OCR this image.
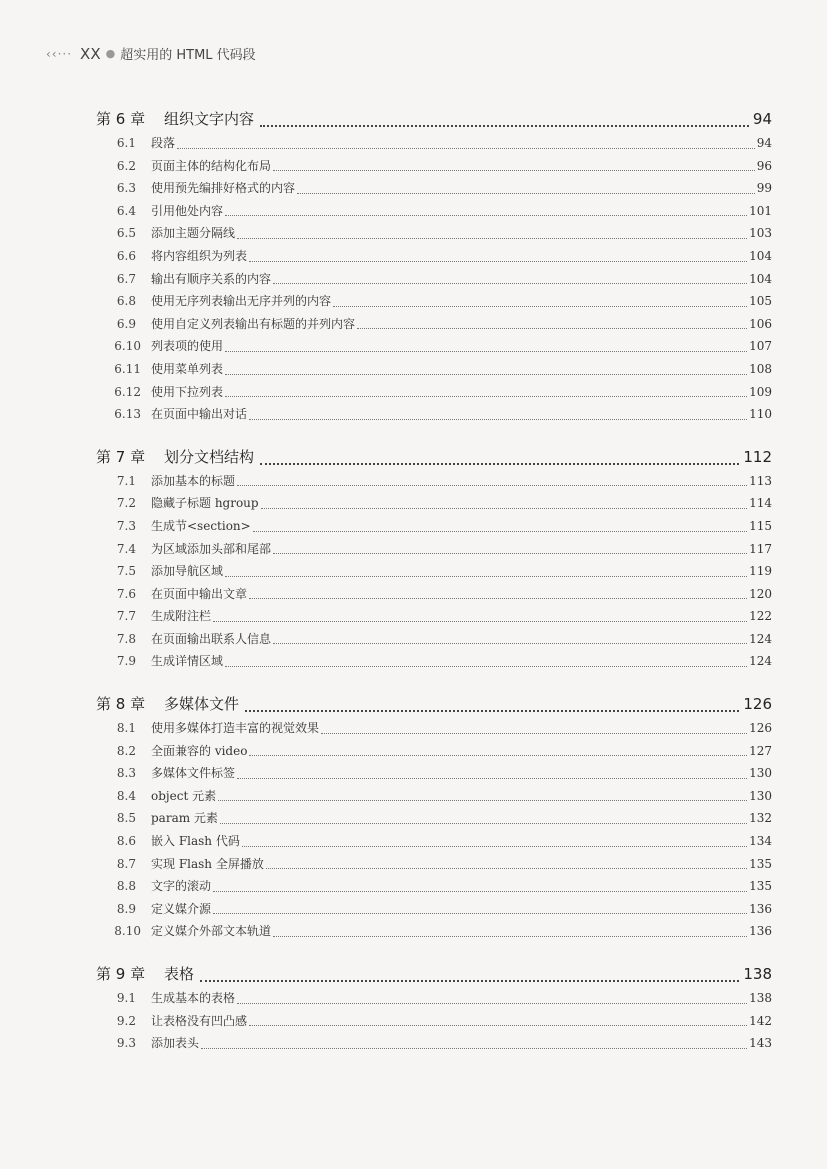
‹‹··· XX ● 超实用的 HTML 代码段
第 6 章	组织文字内容	94
6.1	段落	94
6.2	页面主体的结构化布局	96
6.3	使用预先编排好格式的内容	99
6.4	引用他处内容	101
6.5	添加主题分隔线	103
6.6	将内容组织为列表	104
6.7	输出有顺序关系的内容	104
6.8	使用无序列表输出无序并列的内容	105
6.9	使用自定义列表输出有标题的并列内容	106
6.10 列表项的使用	107
6.11 使用菜单列表	108
6.12 使用下拉列表	109
6.13 在页面中输出对话	110
第 7 章	划分文档结构	112
7.1	添加基本的标题	113
7.2	隐藏子标题 hgroup	114
7.3	生成节<section>	115
7.4	为区域添加头部和尾部	117
7.5	添加导航区域	119
7.6	在页面中输出文章	120
7.7	生成附注栏	122
7.8	在页面输出联系人信息	124
7.9	生成详情区域	124
第 8 章	多媒体文件	126
8.1	使用多媒体打造丰富的视觉效果	126
8.2	全面兼容的 video	127
8.3	多媒体文件标签	130
8.4	object 元素	130
8.5	param 元素	132
8.6	嵌入 Flash 代码	134
8.7	实现 Flash 全屏播放	135
8.8	文字的滚动	135
8.9	定义媒介源	136
8.10 定义媒介外部文本轨道	136
第 9 章	表格	138
9.1	生成基本的表格	138
9.2	让表格没有凹凸感	142
9.3	添加表头	143
